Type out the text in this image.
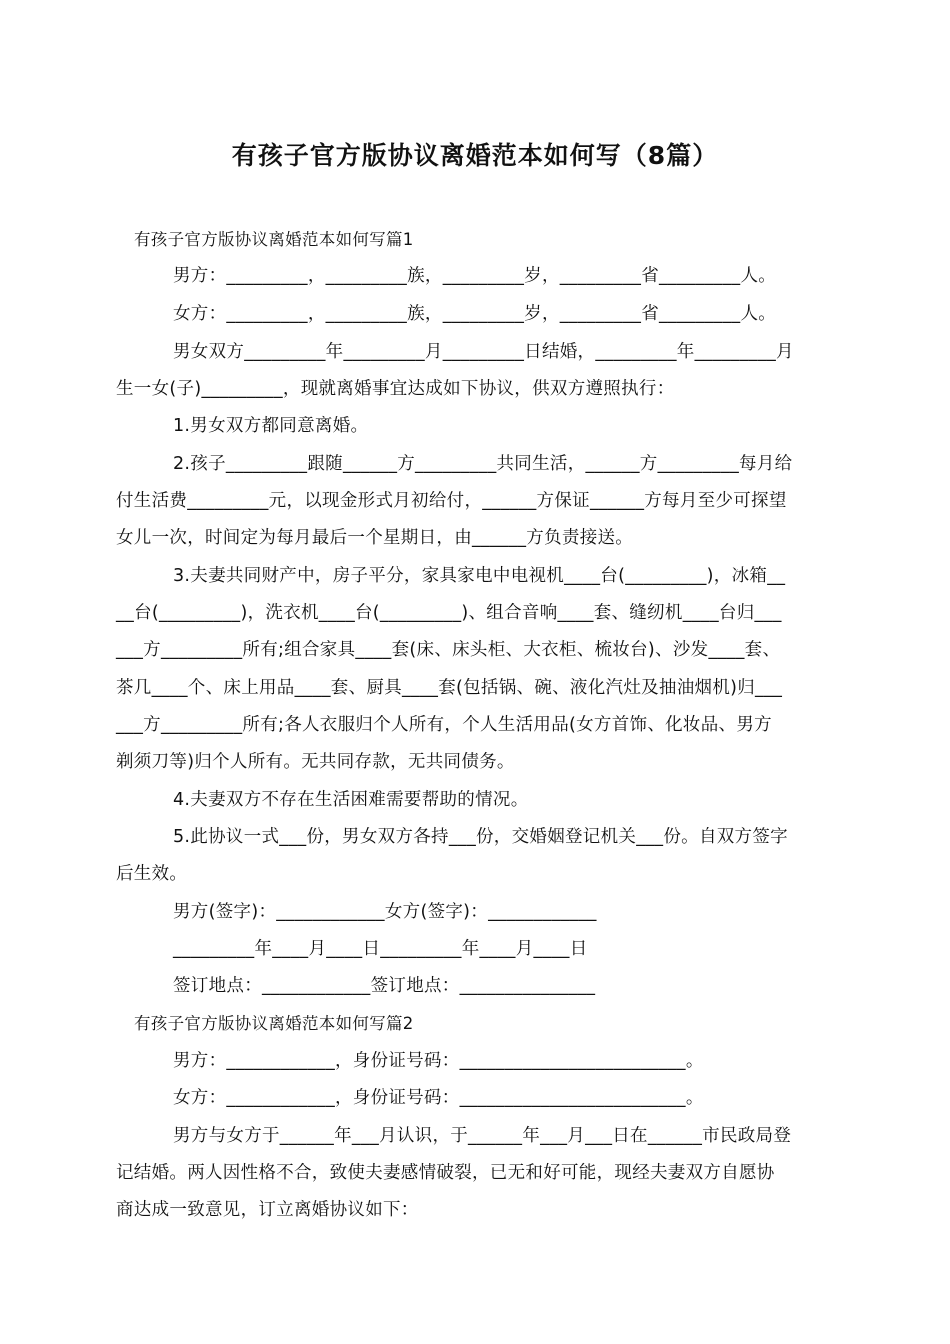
有孩子官方版协议离婚范本如何写（8篇）
有孩子官方版协议离婚范本如何写篇1
男方：_________，_________族，_________岁，_________省_________人。
女方：_________，_________族，_________岁，_________省_________人。
男女双方_________年_________月_________日结婚，_________年_________月
生一女(子)_________，现就离婚事宜达成如下协议，供双方遵照执行：
1.男女双方都同意离婚。
2.孩子_________跟随______方_________共同生活，______方_________每月给
付生活费_________元，以现金形式月初给付，______方保证______方每月至少可探望
女儿一次，时间定为每月最后一个星期日，由______方负责接送。
3.夫妻共同财产中，房子平分，家具家电中电视机____台(_________)，冰箱__
__台(_________)，洗衣机____台(_________)、组合音响____套、缝纫机____台归___
___方_________所有;组合家具____套(床、床头柜、大衣柜、梳妆台)、沙发____套、
茶几____个、床上用品____套、厨具____套(包括锅、碗、液化汽灶及抽油烟机)归___
___方_________所有;各人衣服归个人所有，个人生活用品(女方首饰、化妆品、男方
剃须刀等)归个人所有。无共同存款，无共同债务。
4.夫妻双方不存在生活困难需要帮助的情况。
5.此协议一式___份，男女双方各持___份，交婚姻登记机关___份。自双方签字
后生效。
男方(签字)：____________女方(签字)：____________
_________年____月____日_________年____月____日
签订地点：____________签订地点：_______________
有孩子官方版协议离婚范本如何写篇2
男方：____________，身份证号码：_________________________。
女方：____________，身份证号码：_________________________。
男方与女方于______年___月认识，于______年___月___日在______市民政局登
记结婚。两人因性格不合，致使夫妻感情破裂，已无和好可能，现经夫妻双方自愿协
商达成一致意见，订立离婚协议如下：
